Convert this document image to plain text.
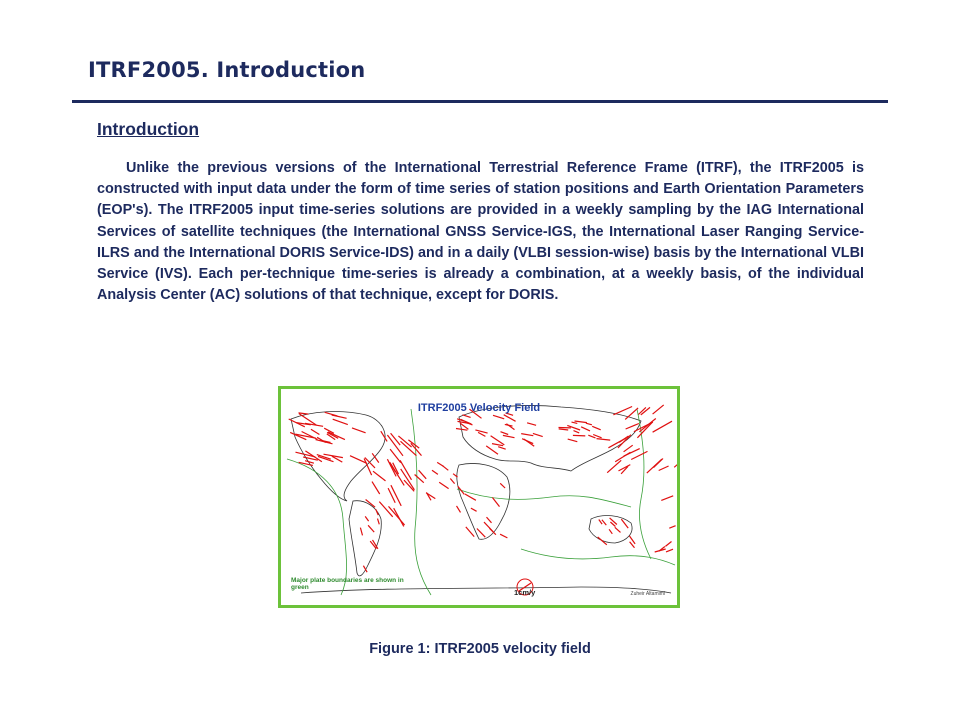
ITRF2005. Introduction
Introduction

Unlike the previous versions of the International Terrestrial Reference Frame (ITRF), the ITRF2005 is constructed with input data under the form of time series of station positions and Earth Orientation Parameters (EOP's). The ITRF2005 input time-series solutions are provided in a weekly sampling by the IAG International Services of satellite techniques (the International GNSS Service-IGS, the International Laser Ranging Service-ILRS and the International DORIS Service-IDS) and in a daily (VLBI session-wise) basis by the International VLBI Service (IVS). Each per-technique time-series is already a combination, at a weekly basis, of the individual Analysis Center (AC) solutions of that technique, except for DORIS.

ITRF2005 Velocity Field
Major plate boundaries are shown in green
1cm/y	Zuheir Altamimi

Figure 1: ITRF2005 velocity field
